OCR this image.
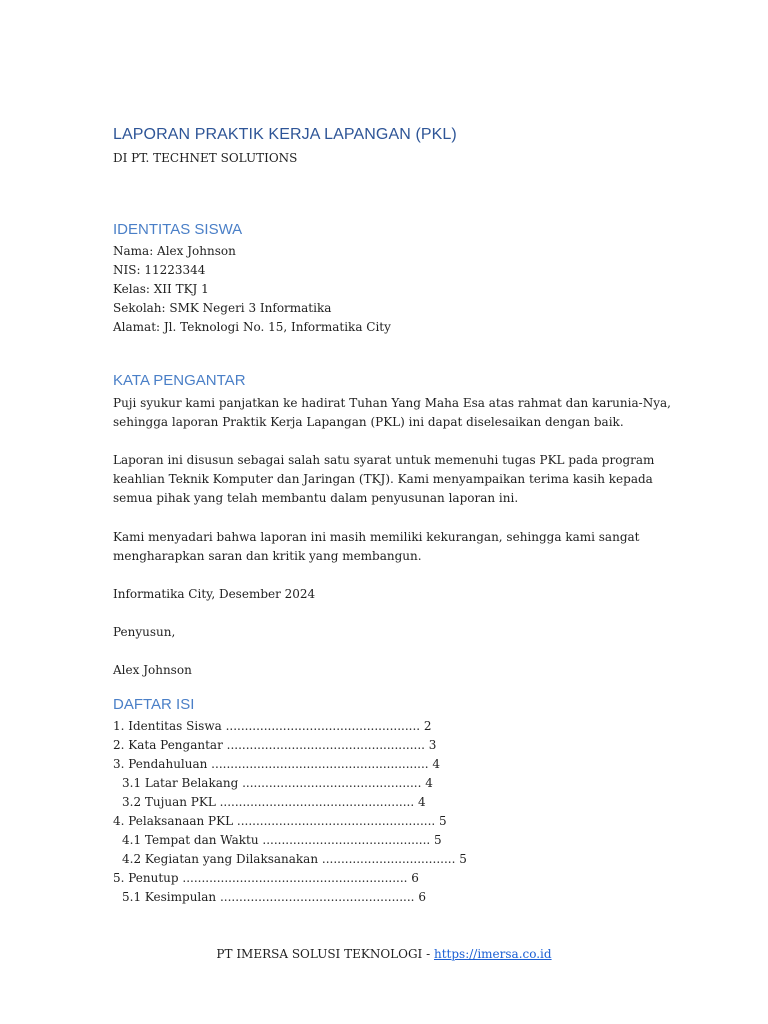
LAPORAN PRAKTIK KERJA LAPANGAN (PKL)

DI PT. TECHNET SOLUTIONS

IDENTITAS SISWA
Nama: Alex Johnson
NIS: 11223344
Kelas: XII TKJ 1
Sekolah: SMK Negeri 3 Informatika
Alamat: Jl. Teknologi No. 15, Informatika City
KATA PENGANTAR
Puji syukur kami panjatkan ke hadirat Tuhan Yang Maha Esa atas rahmat dan karunia-Nya,
sehingga laporan Praktik Kerja Lapangan (PKL) ini dapat diselesaikan dengan baik.
Laporan ini disusun sebagai salah satu syarat untuk memenuhi tugas PKL pada program
keahlian Teknik Komputer dan Jaringan (TKJ). Kami menyampaikan terima kasih kepada
semua pihak yang telah membantu dalam penyusunan laporan ini.
Kami menyadari bahwa laporan ini masih memiliki kekurangan, sehingga kami sangat
mengharapkan saran dan kritik yang membangun.
Informatika City, Desember 2024
Penyusun,
Alex Johnson
DAFTAR ISI
1. Identitas Siswa ................................................... 2
2. Kata Pengantar .................................................... 3
3. Pendahuluan ......................................................... 4
3.1 Latar Belakang ............................................... 4
3.2 Tujuan PKL ................................................... 4
4. Pelaksanaan PKL .................................................... 5
4.1 Tempat dan Waktu ............................................ 5
4.2 Kegiatan yang Dilaksanakan ................................... 5
5. Penutup ........................................................... 6
5.1 Kesimpulan ................................................... 6
PT IMERSA SOLUSI TEKNOLOGI - https://imersa.co.id
